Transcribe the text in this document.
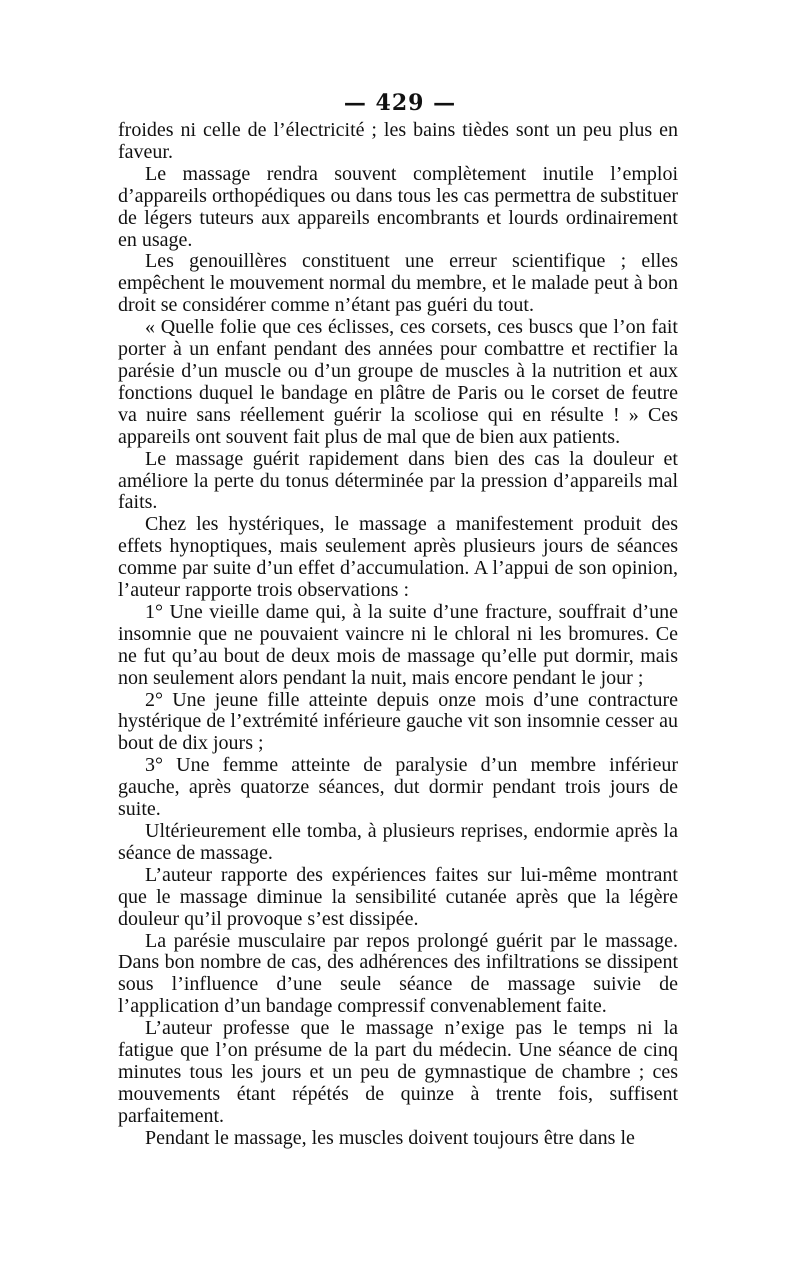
— 429 —

froides ni celle de l’électricité ; les bains tièdes sont un peu plus en faveur.

Le massage rendra souvent complètement inutile l’emploi d’appareils orthopédiques ou dans tous les cas permettra de substituer de légers tuteurs aux appareils encombrants et lourds ordinairement en usage.

Les genouillères constituent une erreur scientifique ; elles empêchent le mouvement normal du membre, et le malade peut à bon droit se considérer comme n’étant pas guéri du tout.

« Quelle folie que ces éclisses, ces corsets, ces buscs que l’on fait porter à un enfant pendant des années pour combattre et rectifier la parésie d’un muscle ou d’un groupe de muscles à la nutrition et aux fonctions duquel le bandage en plâtre de Paris ou le corset de feutre va nuire sans réellement guérir la scoliose qui en résulte ! » Ces appareils ont souvent fait plus de mal que de bien aux patients.

Le massage guérit rapidement dans bien des cas la douleur et améliore la perte du tonus déterminée par la pression d’appareils mal faits.

Chez les hystériques, le massage a manifestement produit des effets hynoptiques, mais seulement après plusieurs jours de séances comme par suite d’un effet d’accumulation. A l’appui de son opinion, l’auteur rapporte trois observations :

1° Une vieille dame qui, à la suite d’une fracture, souffrait d’une insomnie que ne pouvaient vaincre ni le chloral ni les bromures. Ce ne fut qu’au bout de deux mois de massage qu’elle put dormir, mais non seulement alors pendant la nuit, mais encore pendant le jour ;

2° Une jeune fille atteinte depuis onze mois d’une contracture hystérique de l’extrémité inférieure gauche vit son insomnie cesser au bout de dix jours ;

3° Une femme atteinte de paralysie d’un membre inférieur gauche, après quatorze séances, dut dormir pendant trois jours de suite.

Ultérieurement elle tomba, à plusieurs reprises, endormie après la séance de massage.

L’auteur rapporte des expériences faites sur lui-même montrant que le massage diminue la sensibilité cutanée après que la légère douleur qu’il provoque s’est dissipée.

La parésie musculaire par repos prolongé guérit par le massage. Dans bon nombre de cas, des adhérences des infiltrations se dissipent sous l’influence d’une seule séance de massage suivie de l’application d’un bandage compressif convenablement faite.

L’auteur professe que le massage n’exige pas le temps ni la fatigue que l’on présume de la part du médecin. Une séance de cinq minutes tous les jours et un peu de gymnastique de chambre ; ces mouvements étant répétés de quinze à trente fois, suffisent parfaitement.

Pendant le massage, les muscles doivent toujours être dans le
